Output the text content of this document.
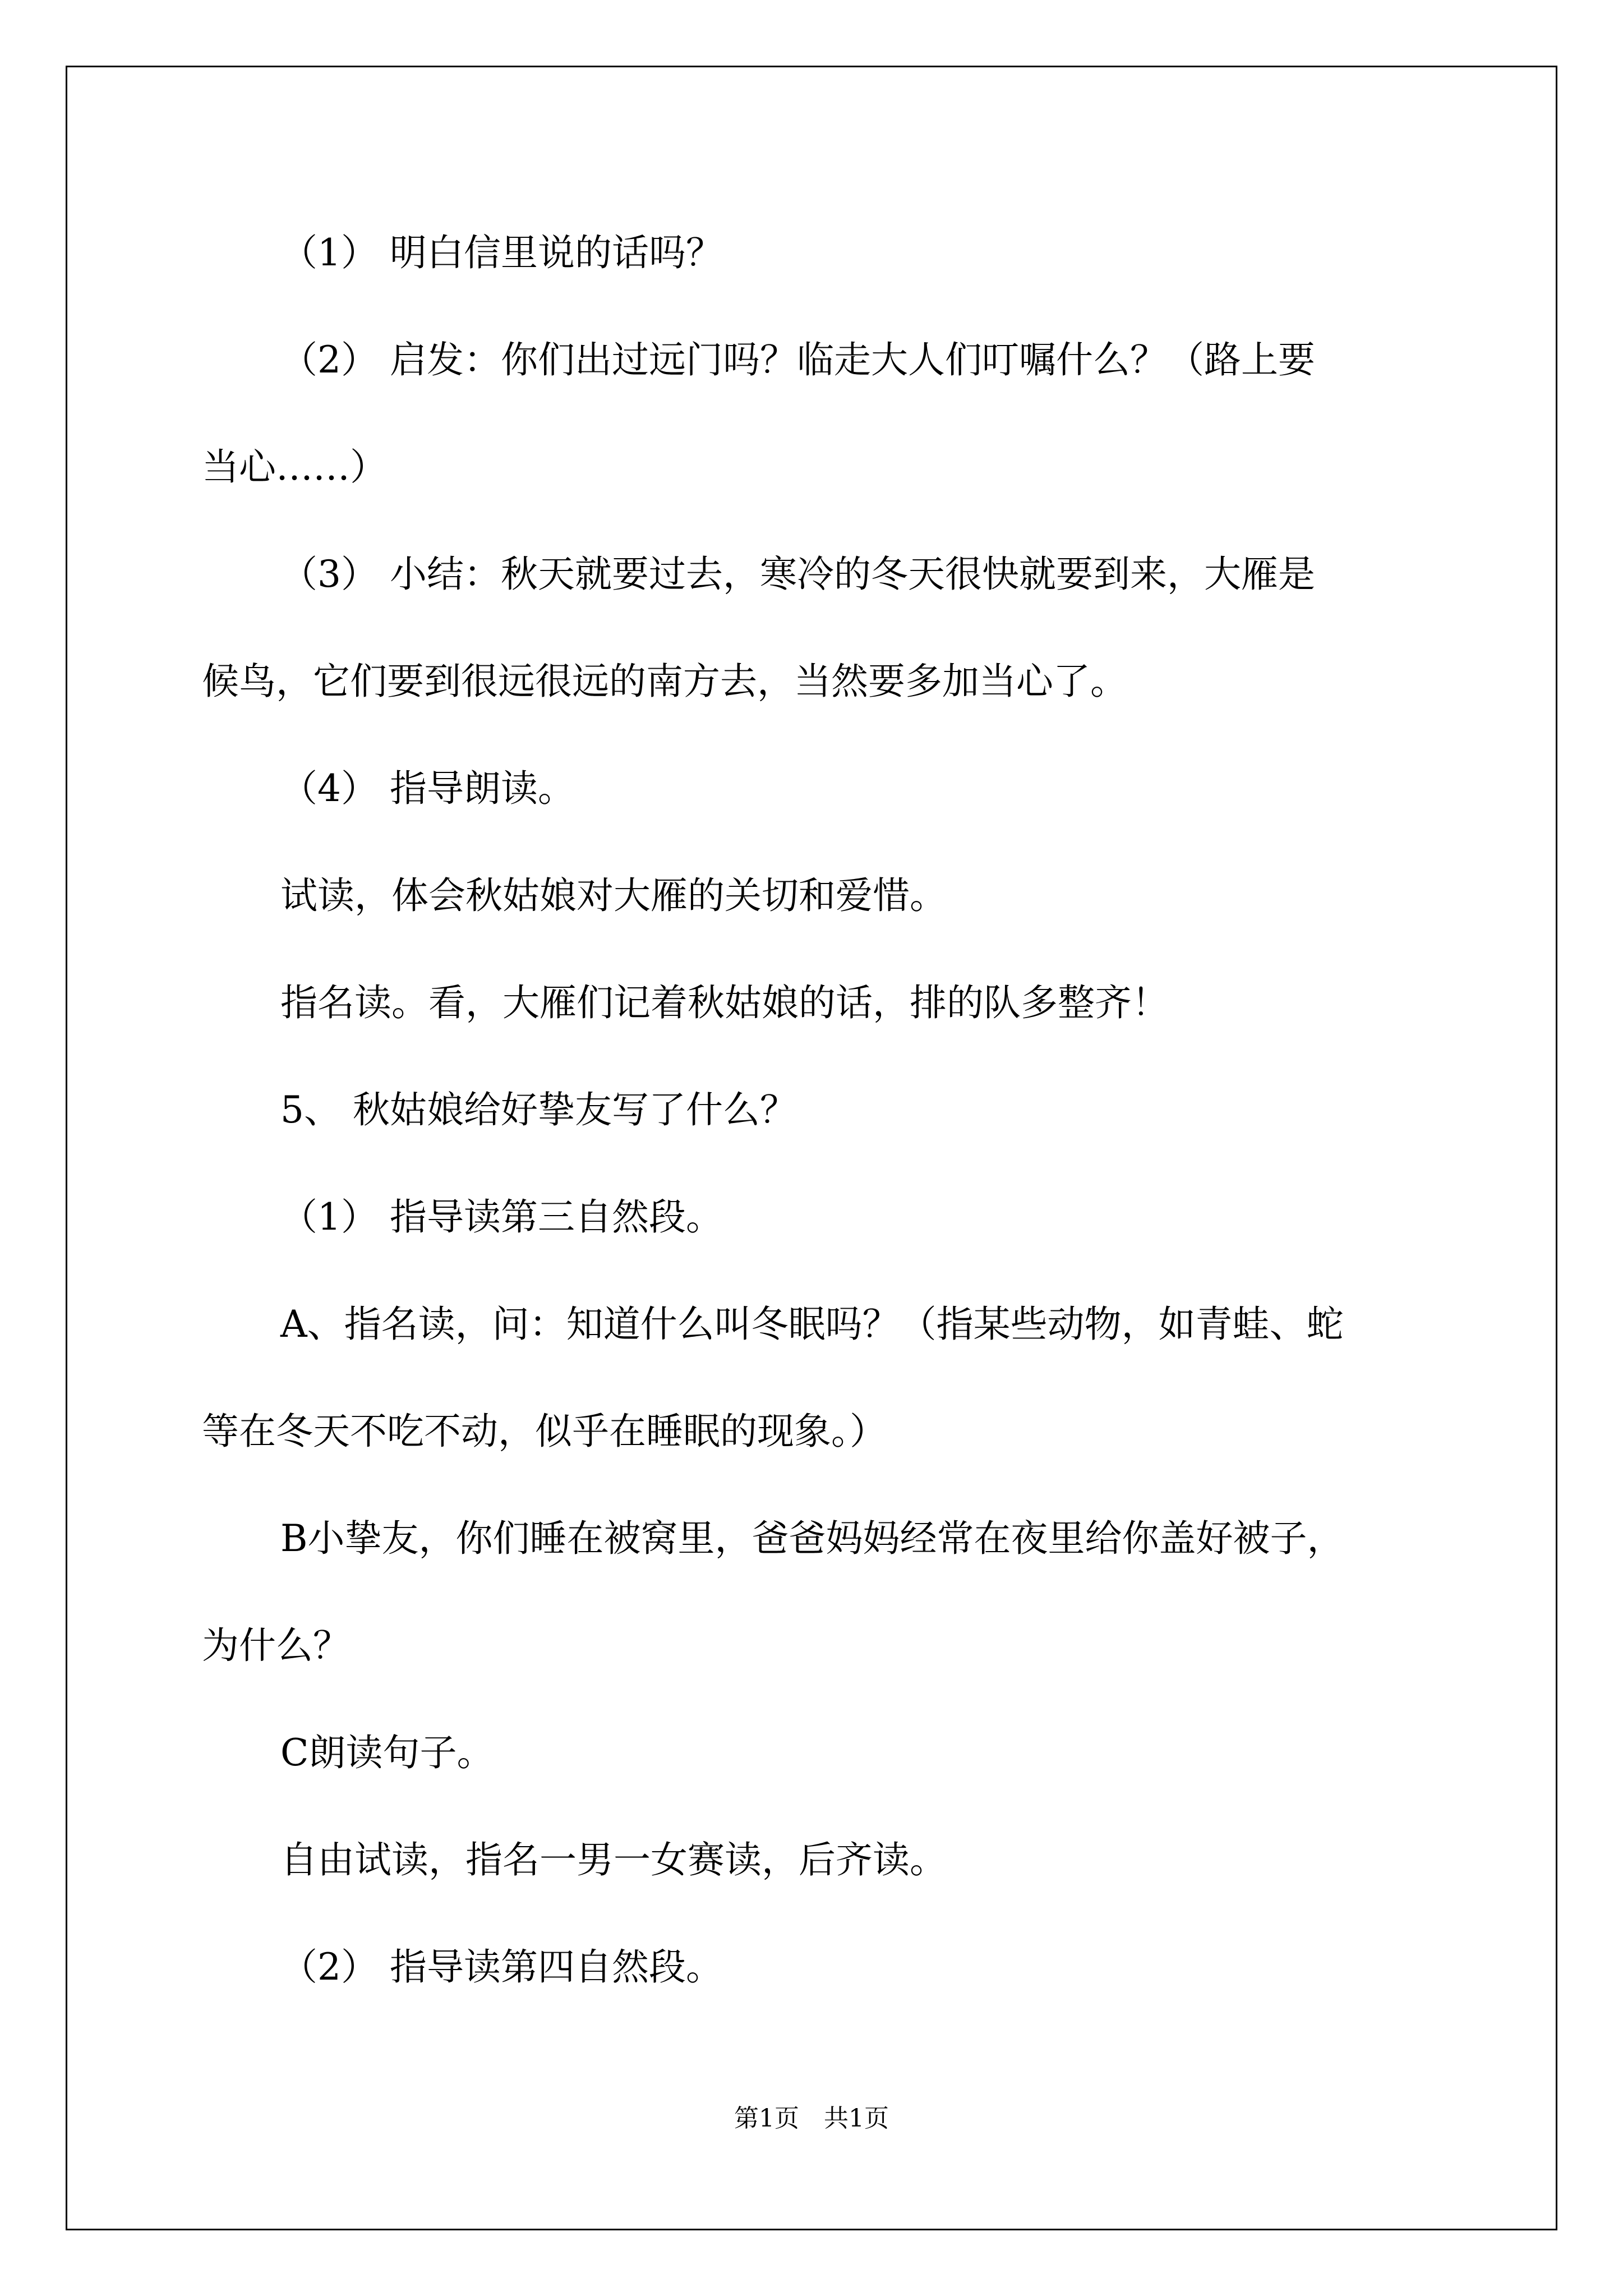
（1） 明白信里说的话吗？
（2） 启发：你们出过远门吗？临走大人们叮嘱什么？（路上要
当心……）
（3） 小结：秋天就要过去，寒冷的冬天很快就要到来，大雁是
候鸟，它们要到很远很远的南方去，当然要多加当心了。
（4） 指导朗读。
试读，体会秋姑娘对大雁的关切和爱惜。
指名读。看，大雁们记着秋姑娘的话，排的队多整齐！
5、 秋姑娘给好挚友写了什么？
（1） 指导读第三自然段。
A、指名读，问：知道什么叫冬眠吗？（指某些动物，如青蛙、蛇
等在冬天不吃不动，似乎在睡眠的现象。）
B小挚友，你们睡在被窝里，爸爸妈妈经常在夜里给你盖好被子，
为什么？
C朗读句子。
自由试读，指名一男一女赛读，后齐读。
（2） 指导读第四自然段。
第1页　共1页
